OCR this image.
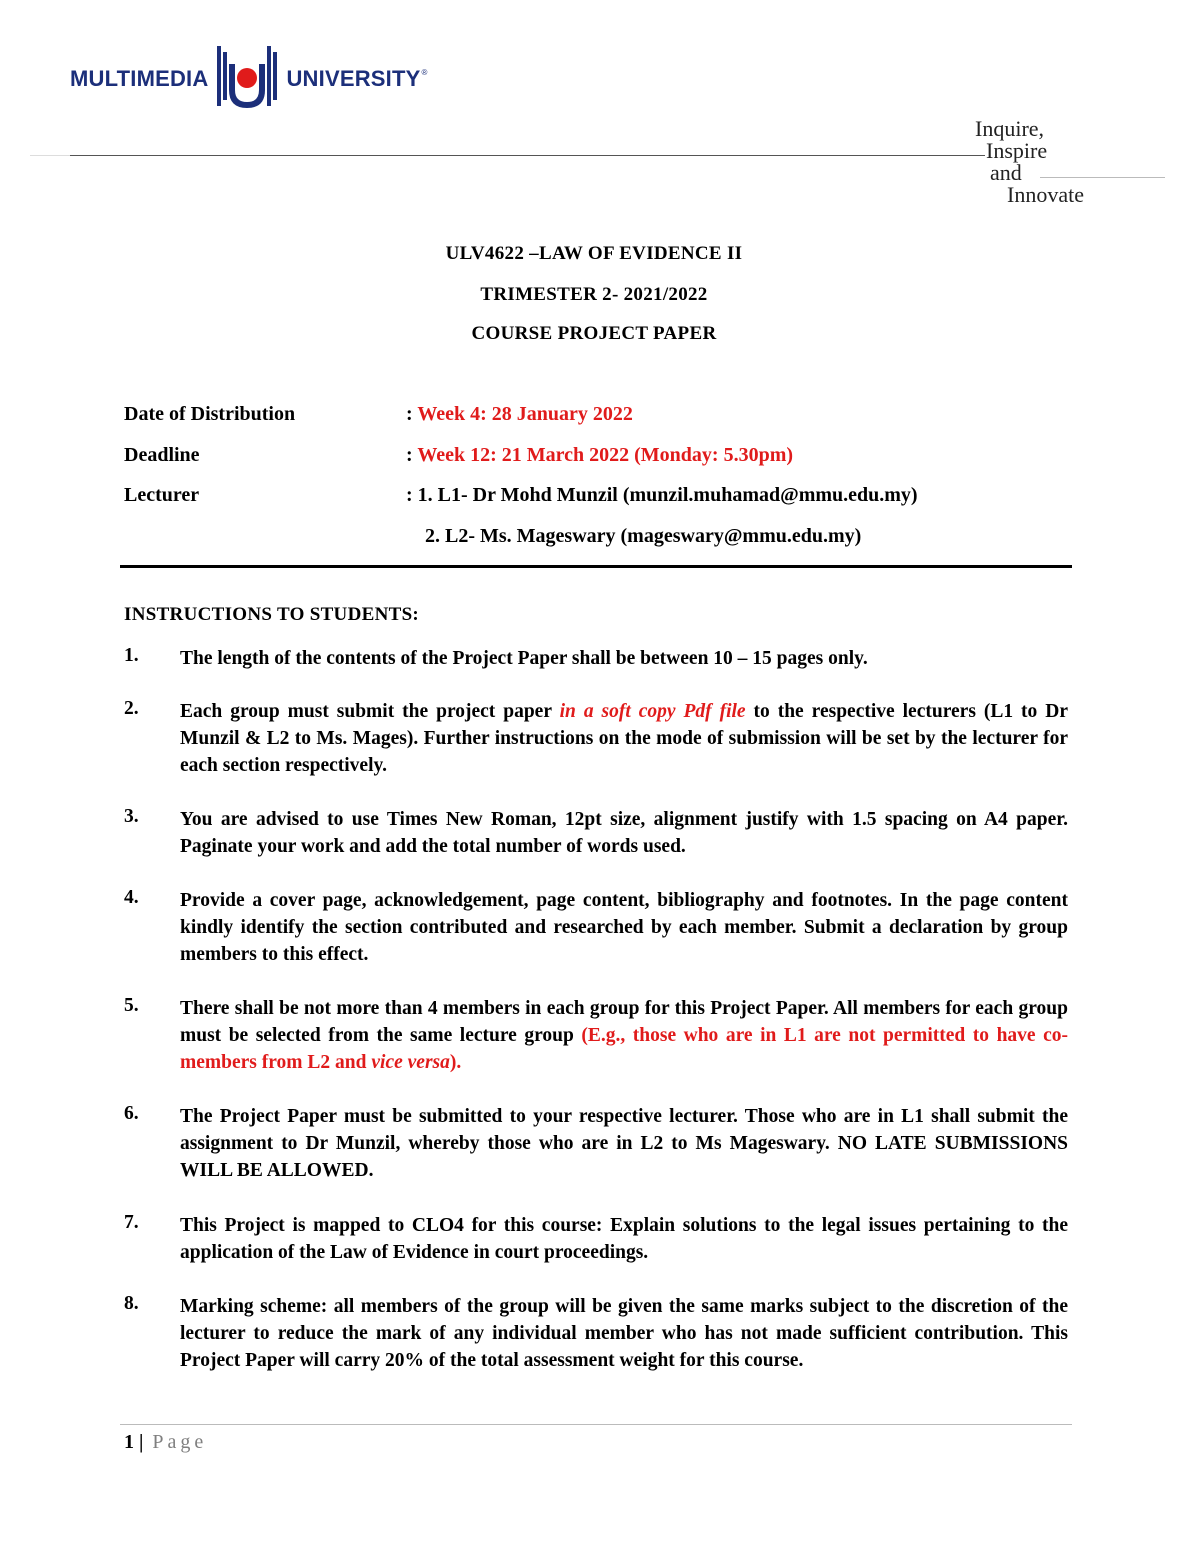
MULTIMEDIA	UNIVERSITY ®
Inquire,
Inspire
and
Innovate
ULV4622 –LAW OF EVIDENCE II
TRIMESTER 2- 2021/2022
COURSE PROJECT PAPER
Date of Distribution	: Week 4: 28 January 2022
Deadline	: Week 12: 21 March 2022 (Monday: 5.30pm)
Lecturer	: 1. L1- Dr Mohd Munzil (munzil.muhamad@mmu.edu.my)
2. L2- Ms. Mageswary (mageswary@mmu.edu.my)
INSTRUCTIONS TO STUDENTS:
1. The length of the contents of the Project Paper shall be between 10 – 15 pages only.
2. Each group must submit the project paper in a soft copy Pdf file to the respective lecturers (L1 to Dr Munzil & L2 to Ms. Mages). Further instructions on the mode of submission will be set by the lecturer for each section respectively.
3. You are advised to use Times New Roman, 12pt size, alignment justify with 1.5 spacing on A4 paper. Paginate your work and add the total number of words used.
4. Provide a cover page, acknowledgement, page content, bibliography and footnotes. In the page content kindly identify the section contributed and researched by each member. Submit a declaration by group members to this effect.
5. There shall be not more than 4 members in each group for this Project Paper. All members for each group must be selected from the same lecture group (E.g., those who are in L1 are not permitted to have co-members from L2 and vice versa).
6. The Project Paper must be submitted to your respective lecturer. Those who are in L1 shall submit the assignment to Dr Munzil, whereby those who are in L2 to Ms Mageswary. NO LATE SUBMISSIONS WILL BE ALLOWED.
7. This Project is mapped to CLO4 for this course: Explain solutions to the legal issues pertaining to the application of the Law of Evidence in court proceedings.
8. Marking scheme: all members of the group will be given the same marks subject to the discretion of the lecturer to reduce the mark of any individual member who has not made sufficient contribution. This Project Paper will carry 20% of the total assessment weight for this course.
1 | Page
